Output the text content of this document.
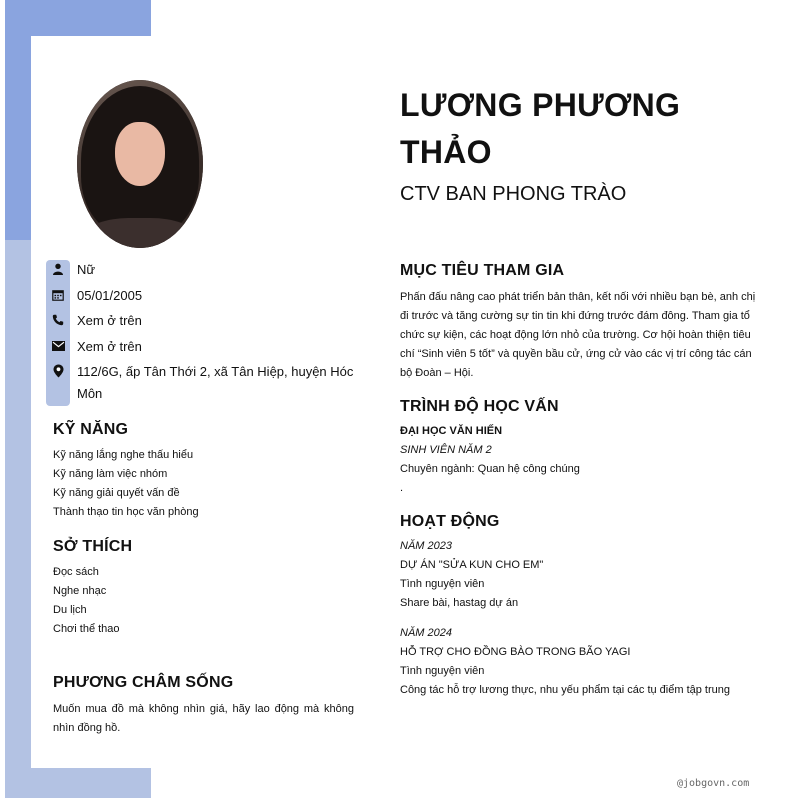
LƯƠNG PHƯƠNG THẢO
CTV BAN PHONG TRÀO
Nữ
05/01/2005
Xem ở trên
Xem ở trên
112/6G, ấp Tân Thới 2, xã Tân Hiệp, huyện Hóc Môn
KỸ NĂNG
Kỹ năng lắng nghe thấu hiểu
Kỹ năng làm việc nhóm
Kỹ năng giải quyết vấn đề
Thành thạo tin học văn phòng
SỞ THÍCH
Đọc sách
Nghe nhạc
Du lịch
Chơi thể thao
PHƯƠNG CHÂM SỐNG
Muốn mua đồ mà không nhìn giá, hãy lao động mà không nhìn đồng hồ.
MỤC TIÊU THAM GIA
Phấn đấu nâng cao phát triển bản thân, kết nối với nhiều bạn bè, anh chị đi trước và tăng cường sự tin tin khi đứng trước đám đông. Tham gia tổ chức sự kiện, các hoạt động lớn nhỏ của trường. Cơ hội hoàn thiện tiêu chí “Sinh viên 5 tốt” và quyền bầu cử, ứng cử vào các vị trí công tác cán bộ Đoàn – Hội.
TRÌNH ĐỘ HỌC VẤN
ĐẠI HỌC VĂN HIẾN
SINH VIÊN NĂM 2
Chuyên ngành: Quan hệ công chúng
.
HOẠT ĐỘNG
NĂM 2023
DỰ ÁN "SỬA KUN CHO EM"
Tình nguyện viên
Share bài, hastag dự án
NĂM 2024
HỖ TRỢ CHO ĐỒNG BÀO TRONG BÃO YAGI
Tình nguyện viên
Công tác hỗ trợ lương thực, nhu yếu phẩm tại các tụ điểm tập trung
@jobgovn.com
